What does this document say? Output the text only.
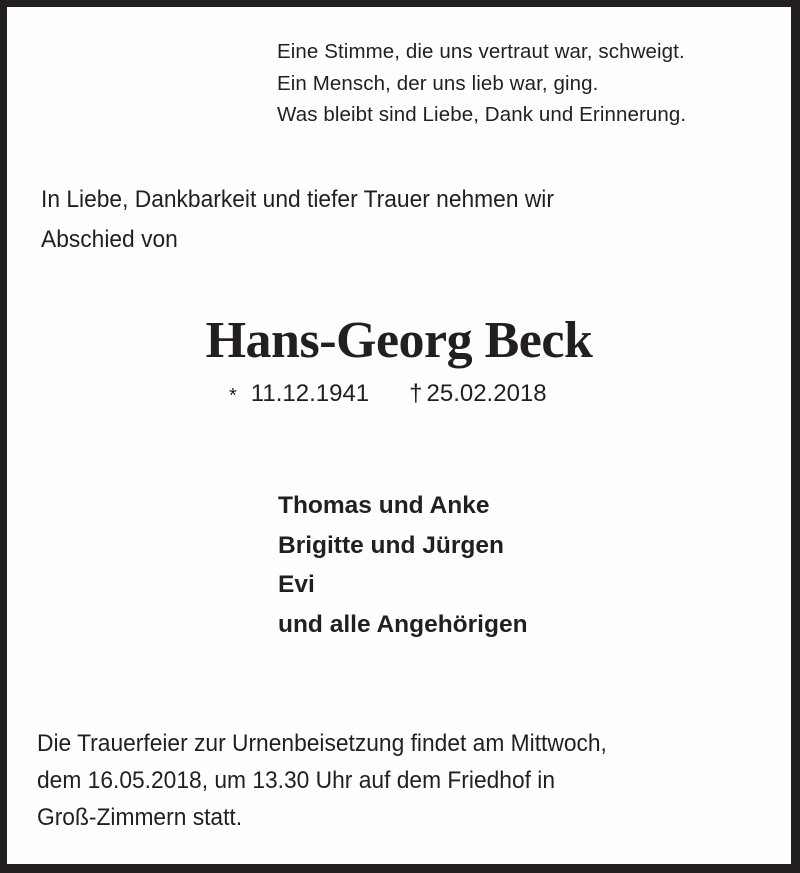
Eine Stimme, die uns vertraut war, schweigt.
Ein Mensch, der uns lieb war, ging.
Was bleibt sind Liebe, Dank und Erinnerung.
In Liebe, Dankbarkeit und tiefer Trauer nehmen wir
Abschied von
Hans-Georg Beck
* 11.12.1941 † 25.02.2018
Thomas und Anke
Brigitte und Jürgen
Evi
und alle Angehörigen
Die Trauerfeier zur Urnenbeisetzung findet am Mittwoch,
dem 16.05.2018, um 13.30 Uhr auf dem Friedhof in
Groß-Zimmern statt.
